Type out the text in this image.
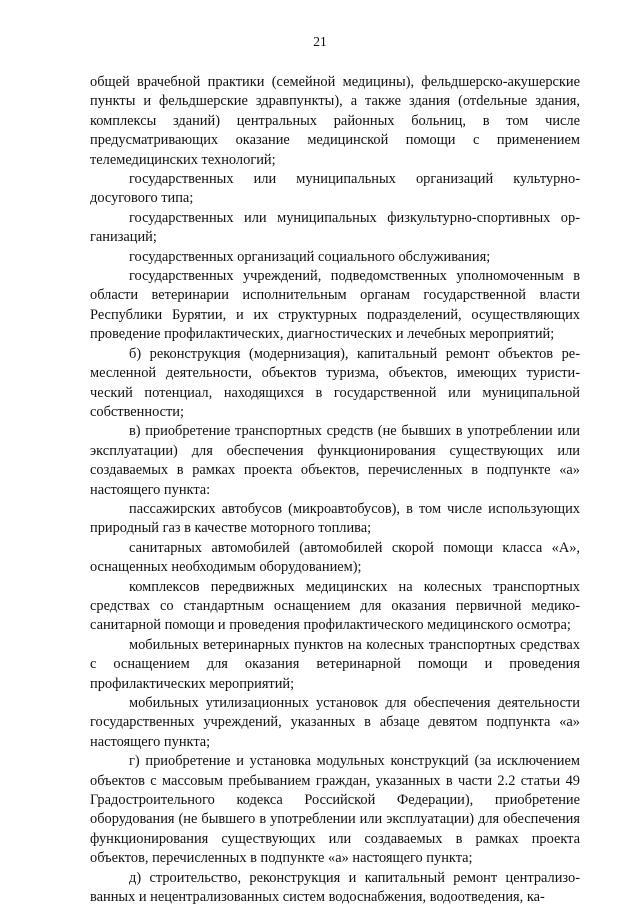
21

общей врачебной практики (семейной медицины), фельдшерско-акушерские пункты и фельдшерские здравпункты), а также здания (отdельные здания, комплексы зданий) центральных районных больниц, в том числе предусматривающих оказание медицинской помощи с применением телемедицинских технологий;

государственных или муниципальных организаций культурно-досугового типа;

государственных или муниципальных физкультурно-спортивных организаций;

государственных организаций социального обслуживания;

государственных учреждений, подведомственных уполномоченным в области ветеринарии исполнительным органам государственной власти Республики Бурятии, и их структурных подразделений, осуществляющих проведение профилактических, диагностических и лечебных мероприятий;

б) реконструкция (модернизация), капитальный ремонт объектов ремесленной деятельности, объектов туризма, объектов, имеющих туристический потенциал, находящихся в государственной или муниципальной собственности;

в) приобретение транспортных средств (не бывших в употреблении или эксплуатации) для обеспечения функционирования существующих или создаваемых в рамках проекта объектов, перечисленных в подпункте «а» настоящего пункта:

пассажирских автобусов (микроавтобусов), в том числе использующих природный газ в качестве моторного топлива;

санитарных автомобилей (автомобилей скорой помощи класса «А», оснащенных необходимым оборудованием);

комплексов передвижных медицинских на колесных транспортных средствах со стандартным оснащением для оказания первичной медико-санитарной помощи и проведения профилактического медицинского осмотра;

мобильных ветеринарных пунктов на колесных транспортных средствах с оснащением для оказания ветеринарной помощи и проведения профилактических мероприятий;

мобильных утилизационных установок для обеспечения деятельности государственных учреждений, указанных в абзаце девятом подпункта «а» настоящего пункта;

г) приобретение и установка модульных конструкций (за исключением объектов с массовым пребыванием граждан, указанных в части 2.2 статьи 49 Градостроительного кодекса Российской Федерации), приобретение оборудования (не бывшего в употреблении или эксплуатации) для обеспечения функционирования существующих или создаваемых в рамках проекта объектов, перечисленных в подпункте «а» настоящего пункта;

д) строительство, реконструкция и капитальный ремонт централизованных и нецентрализованных систем водоснабжения, водоотведения, ка-
